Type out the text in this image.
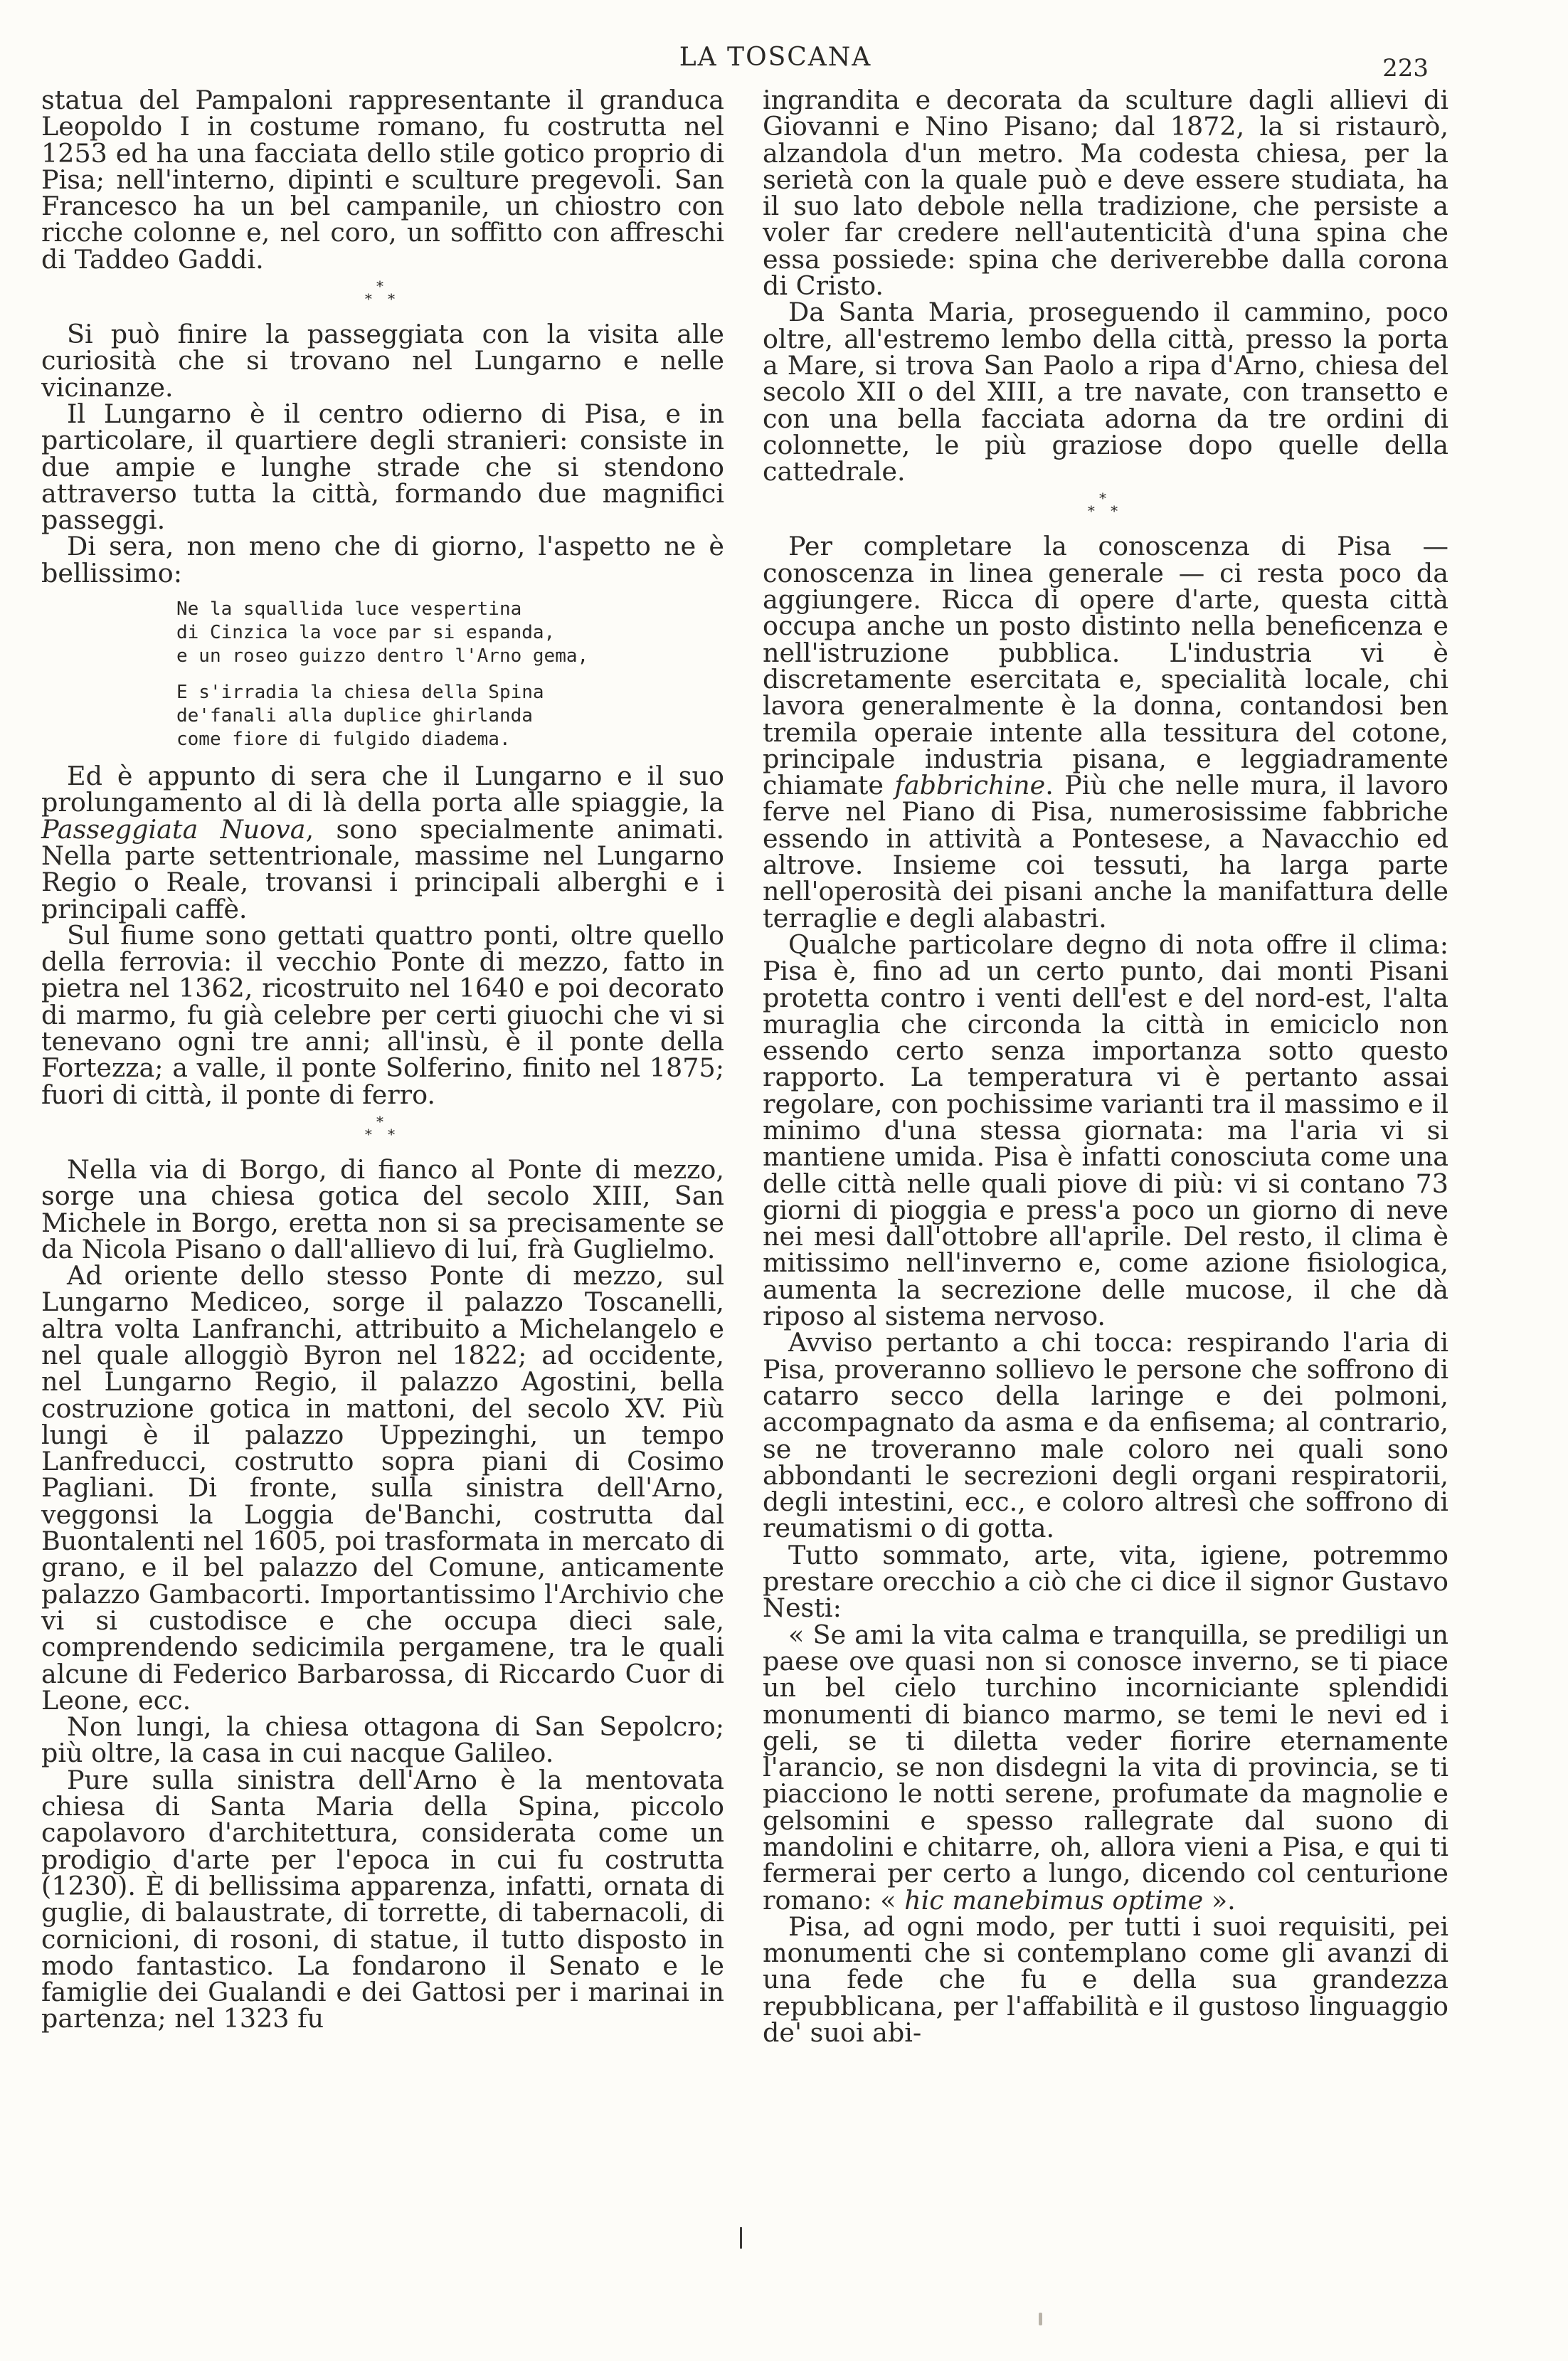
LA TOSCANA	223

statua del Pampaloni rappresentante il granduca Leopoldo I in costume romano, fu costrutta nel 1253 ed ha una facciata dello stile gotico proprio di Pisa; nell'interno, dipinti e sculture pregevoli. San Francesco ha un bel campanile, un chiostro con ricche colonne e, nel coro, un soffitto con affreschi di Taddeo Gaddi.

*
* *

Si può finire la passeggiata con la visita alle curiosità che si trovano nel Lungarno e nelle vicinanze.

Il Lungarno è il centro odierno di Pisa, e in particolare, il quartiere degli stranieri: consiste in due ampie e lunghe strade che si stendono attraverso tutta la città, formando due magnifici passeggi.

Di sera, non meno che di giorno, l'aspetto ne è bellissimo:

Ne la squallida luce vespertina
di Cinzica la voce par si espanda,
e un roseo guizzo dentro l'Arno gema,
E s'irradia la chiesa della Spina
de'fanali alla duplice ghirlanda
come fiore di fulgido diadema.

Ed è appunto di sera che il Lungarno e il suo prolungamento al di là della porta alle spiaggie, la Passeggiata Nuova, sono specialmente animati. Nella parte settentrionale, massime nel Lungarno Regio o Reale, trovansi i principali alberghi e i principali caffè.

Sul fiume sono gettati quattro ponti, oltre quello della ferrovia: il vecchio Ponte di mezzo, fatto in pietra nel 1362, ricostruito nel 1640 e poi decorato di marmo, fu già celebre per certi giuochi che vi si tenevano ogni tre anni; all'insù, è il ponte della Fortezza; a valle, il ponte Solferino, finito nel 1875; fuori di città, il ponte di ferro.

*
* *

Nella via di Borgo, di fianco al Ponte di mezzo, sorge una chiesa gotica del secolo XIII, San Michele in Borgo, eretta non si sa precisamente se da Nicola Pisano o dall'allievo di lui, frà Guglielmo.

Ad oriente dello stesso Ponte di mezzo, sul Lungarno Mediceo, sorge il palazzo Toscanelli, altra volta Lanfranchi, attribuito a Michelangelo e nel quale alloggiò Byron nel 1822; ad occidente, nel Lungarno Regio, il palazzo Agostini, bella costruzione gotica in mattoni, del secolo XV. Più lungi è il palazzo Uppezinghi, un tempo Lanfreducci, costrutto sopra piani di Cosimo Pagliani. Di fronte, sulla sinistra dell'Arno, veggonsi la Loggia de'Banchi, costrutta dal Buontalenti nel 1605, poi trasformata in mercato di grano, e il bel palazzo del Comune, anticamente palazzo Gambacorti. Importantissimo l'Archivio che vi si custodisce e che occupa dieci sale, comprendendo sedicimila pergamene, tra le quali alcune di Federico Barbarossa, di Riccardo Cuor di Leone, ecc.

Non lungi, la chiesa ottagona di San Sepolcro; più oltre, la casa in cui nacque Galileo.

Pure sulla sinistra dell'Arno è la mentovata chiesa di Santa Maria della Spina, piccolo capolavoro d'architettura, considerata come un prodigio d'arte per l'epoca in cui fu costrutta (1230). È di bellissima apparenza, infatti, ornata di guglie, di balaustrate, di torrette, di tabernacoli, di cornicioni, di rosoni, di statue, il tutto disposto in modo fantastico. La fondarono il Senato e le famiglie dei Gualandi e dei Gattosi per i marinai in partenza; nel 1323 fu

ingrandita e decorata da sculture dagli allievi di Giovanni e Nino Pisano; dal 1872, la si ristaurò, alzandola d'un metro. Ma codesta chiesa, per la serietà con la quale può e deve essere studiata, ha il suo lato debole nella tradizione, che persiste a voler far credere nell'autenticità d'una spina che essa possiede: spina che deriverebbe dalla corona di Cristo.

Da Santa Maria, proseguendo il cammino, poco oltre, all'estremo lembo della città, presso la porta a Mare, si trova San Paolo a ripa d'Arno, chiesa del secolo XII o del XIII, a tre navate, con transetto e con una bella facciata adorna da tre ordini di colonnette, le più graziose dopo quelle della cattedrale.

*
* *

Per completare la conoscenza di Pisa — conoscenza in linea generale — ci resta poco da aggiungere. Ricca di opere d'arte, questa città occupa anche un posto distinto nella beneficenza e nell'istruzione pubblica. L'industria vi è discretamente esercitata e, specialità locale, chi lavora generalmente è la donna, contandosi ben tremila operaie intente alla tessitura del cotone, principale industria pisana, e leggiadramente chiamate fabbrichine. Più che nelle mura, il lavoro ferve nel Piano di Pisa, numerosissime fabbriche essendo in attività a Pontesese, a Navacchio ed altrove. Insieme coi tessuti, ha larga parte nell'operosità dei pisani anche la manifattura delle terraglie e degli alabastri.

Qualche particolare degno di nota offre il clima: Pisa è, fino ad un certo punto, dai monti Pisani protetta contro i venti dell'est e del nord-est, l'alta muraglia che circonda la città in emiciclo non essendo certo senza importanza sotto questo rapporto. La temperatura vi è pertanto assai regolare, con pochissime varianti tra il massimo e il minimo d'una stessa giornata: ma l'aria vi si mantiene umida. Pisa è infatti conosciuta come una delle città nelle quali piove di più: vi si contano 73 giorni di pioggia e press'a poco un giorno di neve nei mesi dall'ottobre all'aprile. Del resto, il clima è mitissimo nell'inverno e, come azione fisiologica, aumenta la secrezione delle mucose, il che dà riposo al sistema nervoso.

Avviso pertanto a chi tocca: respirando l'aria di Pisa, proveranno sollievo le persone che soffrono di catarro secco della laringe e dei polmoni, accompagnato da asma e da enfisema; al contrario, se ne troveranno male coloro nei quali sono abbondanti le secrezioni degli organi respiratorii, degli intestini, ecc., e coloro altresì che soffrono di reumatismi o di gotta.

Tutto sommato, arte, vita, igiene, potremmo prestare orecchio a ciò che ci dice il signor Gustavo Nesti:

« Se ami la vita calma e tranquilla, se prediligi un paese ove quasi non si conosce inverno, se ti piace un bel cielo turchino incorniciante splendidi monumenti di bianco marmo, se temi le nevi ed i geli, se ti diletta veder fiorire eternamente l'arancio, se non disdegni la vita di provincia, se ti piacciono le notti serene, profumate da magnolie e gelsomini e spesso rallegrate dal suono di mandolini e chitarre, oh, allora vieni a Pisa, e qui ti fermerai per certo a lungo, dicendo col centurione romano: « hic manebimus optime ».

Pisa, ad ogni modo, per tutti i suoi requisiti, pei monumenti che si contemplano come gli avanzi di una fede che fu e della sua grandezza repubblicana, per l'affabilità e il gustoso linguaggio de' suoi abi-
